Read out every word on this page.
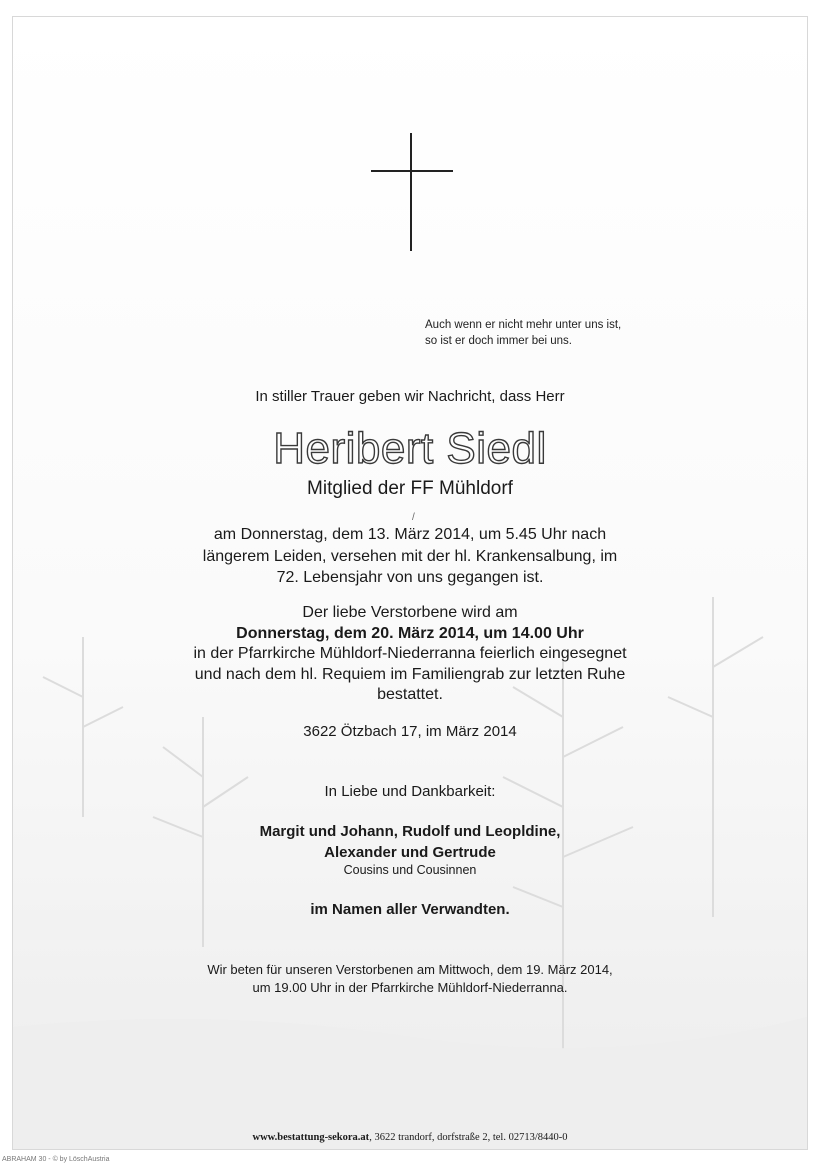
Auch wenn er nicht mehr unter uns ist,
so ist er doch immer bei uns.
In stiller Trauer geben wir Nachricht, dass Herr
Heribert Siedl
Mitglied der FF Mühldorf
/
am Donnerstag, dem 13. März 2014, um 5.45 Uhr nach
längerem Leiden, versehen mit der hl. Krankensalbung, im
72. Lebensjahr von uns gegangen ist.
Der liebe Verstorbene wird am
Donnerstag, dem 20. März 2014, um 14.00 Uhr
in der Pfarrkirche Mühldorf-Niederranna feierlich eingesegnet
und nach dem hl. Requiem im Familiengrab zur letzten Ruhe
bestattet.
3622 Ötzbach 17, im März 2014
In Liebe und Dankbarkeit:
Margit und Johann, Rudolf und Leopldine,
Alexander und Gertrude
Cousins und Cousinnen
im Namen aller Verwandten.
Wir beten für unseren Verstorbenen am Mittwoch, dem 19. März 2014,
um 19.00 Uhr in der Pfarrkirche Mühldorf-Niederranna.
www.bestattung-sekora.at, 3622 trandorf, dorfstraße 2, tel. 02713/8440-0
ABRAHAM 30 - © by LöschAustria
